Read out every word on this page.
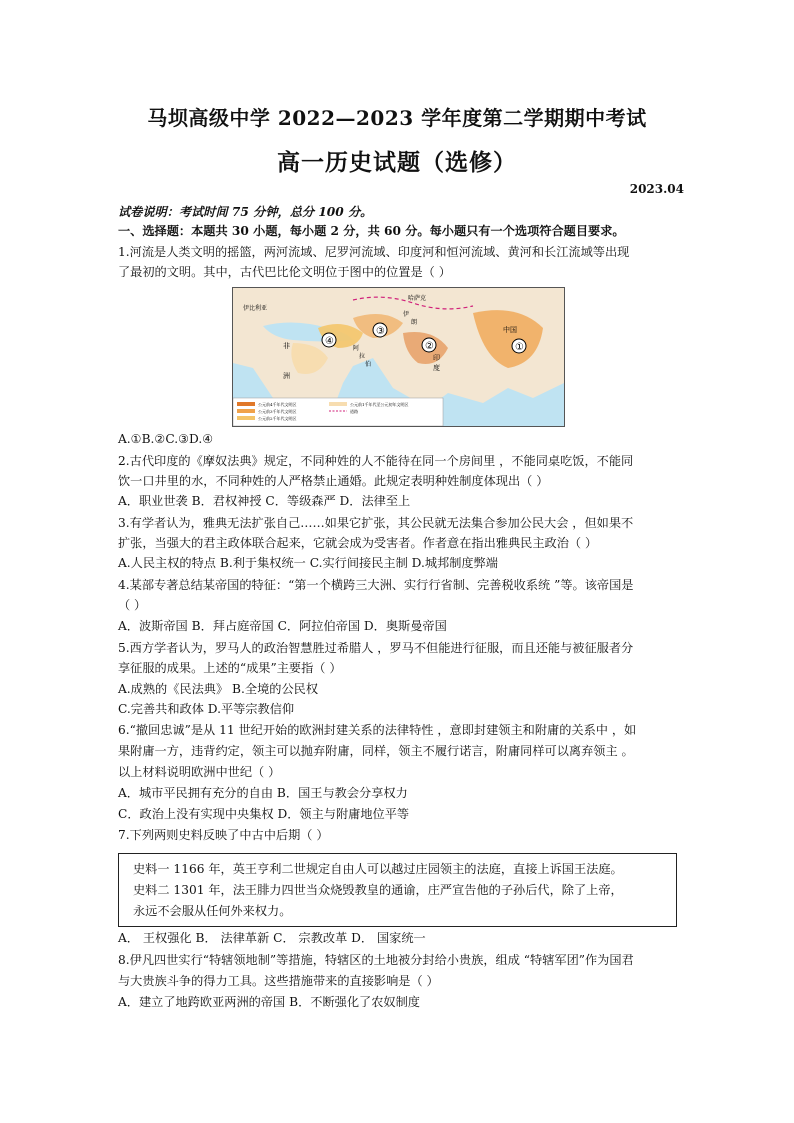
马坝高级中学 2022—2023 学年度第二学期期中考试
高一历史试题（选修）
2023.04
试卷说明：考试时间 75 分钟，总分 100 分。
一、选择题：本题共 30 小题，每小题 2 分，共 60 分。每小题只有一个选项符合题目要求。
1.河流是人类文明的摇篮，两河流域、尼罗河流域、印度河和恒河流域、黄河和长江流域等出现
了最初的文明。其中，古代巴比伦文明位于图中的位置是（ ）
④
③
②	①
伊比利亚
中国
印
度
非
洲
伊
朗
哈萨克
阿
拉
伯
公元前4千年代文明区
公元前3千年代文明区
公元前2千年代文明区
公元前1千年代至公元初年文明区
道路
A.①B.②C.③D.④
2.古代印度的《摩奴法典》规定，不同种姓的人不能待在同一个房间里 ，不能同桌吃饭，不能同
饮一口井里的水，不同种姓的人严格禁止通婚。此规定表明种姓制度体现出（ ）
A．职业世袭 B．君权神授 C．等级森严 D．法律至上
3.有学者认为，雅典无法扩张自己……如果它扩张，其公民就无法集合参加公民大会 ，但如果不
扩张，当强大的君主政体联合起来，它就会成为受害者。作者意在指出雅典民主政治（ ）
A.人民主权的特点 B.利于集权统一 C.实行间接民主制 D.城邦制度弊端
4.某部专著总结某帝国的特征：“第一个横跨三大洲、实行行省制、完善税收系统 ”等。该帝国是
（ ）
A．波斯帝国 B．拜占庭帝国 C．阿拉伯帝国 D．奥斯曼帝国
5.西方学者认为，罗马人的政治智慧胜过希腊人 ，罗马不但能进行征服，而且还能与被征服者分
享征服的成果。上述的“成果”主要指（ ）
A.成熟的《民法典》 B.全境的公民权
C.完善共和政体 D.平等宗教信仰
6.“撤回忠诚”是从 11 世纪开始的欧洲封建关系的法律特性 ，意即封建领主和附庸的关系中 ，如
果附庸一方，违背约定，领主可以抛弃附庸，同样，领主不履行诺言，附庸同样可以离弃领主 。
以上材料说明欧洲中世纪（ ）
A．城市平民拥有充分的自由 B．国王与教会分享权力
C．政治上没有实现中央集权 D．领主与附庸地位平等
7.下列两则史料反映了中古中后期（ ）
史料一 1166 年，英王亨利二世规定自由人可以越过庄园领主的法庭，直接上诉国王法庭。
史料二 1301 年，法王腓力四世当众烧毁教皇的通谕，庄严宣告他的子孙后代，除了上帝，
永远不会服从任何外来权力。
A． 王权强化 B． 法律革新 C． 宗教改革 D． 国家统一
8.伊凡四世实行“特辖领地制”等措施，特辖区的土地被分封给小贵族，组成 “特辖军团”作为国君
与大贵族斗争的得力工具。这些措施带来的直接影响是（ ）
A．建立了地跨欧亚两洲的帝国 B．不断强化了农奴制度
